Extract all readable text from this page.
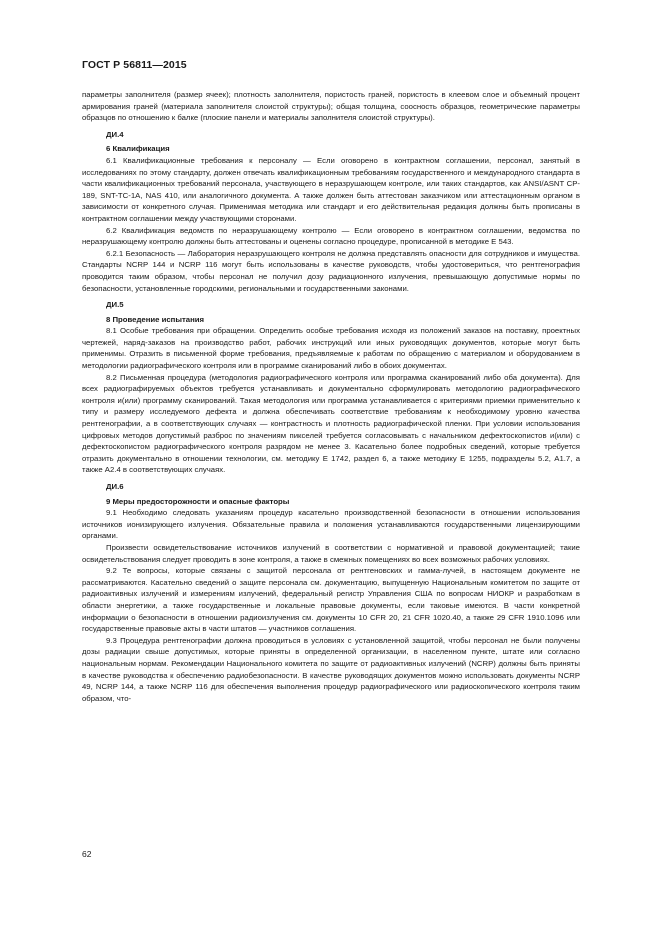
ГОСТ Р 56811—2015

параметры заполнителя (размер ячеек); плотность заполнителя, пористость граней, пористость в клеевом слое и объемный процент армирования граней (материала заполнителя слоистой структуры); общая толщина, соосность образцов, геометрические параметры образцов по отношению к балке (плоские панели и материалы заполнителя слоистой структуры).

ДИ.4

6 Квалификация

6.1 Квалификационные требования к персоналу — Если оговорено в контрактном соглашении, персонал, занятый в исследованиях по этому стандарту, должен отвечать квалификационным требованиям государственного и международного стандарта в части квалификационных требований персонала, участвующего в неразрушающем контроле, или таких стандартов, как ANSI/ASNT CP-189, SNT-TC-1A, NAS 410, или аналогичного документа. А также должен быть аттестован заказчиком или аттестационным органом в зависимости от конкретного случая. Применимая методика или стандарт и его действительная редакция должны быть прописаны в контрактном соглашении между участвующими сторонами.

6.2 Квалификация ведомств по неразрушающему контролю — Если оговорено в контрактном соглашении, ведомства по неразрушающему контролю должны быть аттестованы и оценены согласно процедуре, прописанной в методике Е 543.

6.2.1 Безопасность — Лаборатория неразрушающего контроля не должна представлять опасности для сотрудников и имущества. Стандарты NCRP 144 и NCRP 116 могут быть использованы в качестве руководств, чтобы удостовериться, что рентгенография проводится таким образом, чтобы персонал не получил дозу радиационного излучения, превышающую допустимые нормы по безопасности, установленные городскими, региональными и государственными законами.

ДИ.5

8 Проведение испытания

8.1 Особые требования при обращении. Определить особые требования исходя из положений заказов на поставку, проектных чертежей, наряд-заказов на производство работ, рабочих инструкций или иных руководящих документов, которые могут быть применимы. Отразить в письменной форме требования, предъявляемые к работам по обращению с материалом и оборудованием в методологии радиографического контроля или в программе сканирований либо в обоих документах.

8.2 Письменная процедура (методология радиографического контроля или программа сканирований либо оба документа). Для всех радиографируемых объектов требуется устанавливать и документально сформулировать методологию радиографического контроля и(или) программу сканирований. Такая методология или программа устанавливается с критериями приемки применительно к типу и размеру исследуемого дефекта и должна обеспечивать соответствие требованиям к необходимому уровню качества рентгенографии, а в соответствующих случаях — контрастность и плотность радиографической пленки. При условии использования цифровых методов допустимый разброс по значениям пикселей требуется согласовывать с начальником дефектоскопистов и(или) с дефектоскопистом радиографического контроля разрядом не менее 3. Касательно более подробных сведений, которые требуется отразить документально в отношении технологии, см. методику Е 1742, раздел 6, а также методику Е 1255, подразделы 5.2, А1.7, а также А2.4 в соответствующих случаях.

ДИ.6

9 Меры предосторожности и опасные факторы

9.1 Необходимо следовать указаниям процедур касательно производственной безопасности в отношении использования источников ионизирующего излучения. Обязательные правила и положения устанавливаются государственными лицензирующими органами.

Произвести освидетельствование источников излучений в соответствии с нормативной и правовой документацией; такие освидетельствования следует проводить в зоне контроля, а также в смежных помещениях во всех возможных рабочих условиях.

9.2 Те вопросы, которые связаны с защитой персонала от рентгеновских и гамма-лучей, в настоящем документе не рассматриваются. Касательно сведений о защите персонала см. документацию, выпущенную Национальным комитетом по защите от радиоактивных излучений и измерениям излучений, федеральный регистр Управления США по вопросам НИОКР и разработкам в области энергетики, а также государственные и локальные правовые документы, если таковые имеются. В части конкретной информации о безопасности в отношении радиоизлучения см. документы 10 CFR 20, 21 CFR 1020.40, а также 29 CFR 1910.1096 или государственные правовые акты в части штатов — участников соглашения.

9.3 Процедура рентгенографии должна проводиться в условиях с установленной защитой, чтобы персонал не были получены дозы радиации свыше допустимых, которые приняты в определенной организации, в населенном пункте, штате или согласно национальным нормам. Рекомендации Национального комитета по защите от радиоактивных излучений (NCRP) должны быть приняты в качестве руководства к обеспечению радиобезопасности. В качестве руководящих документов можно использовать документы NCRP 49, NCRP 144, а также NCRP 116 для обеспечения выполнения процедур радиографического или радиоскопического контроля таким образом, что-

62
